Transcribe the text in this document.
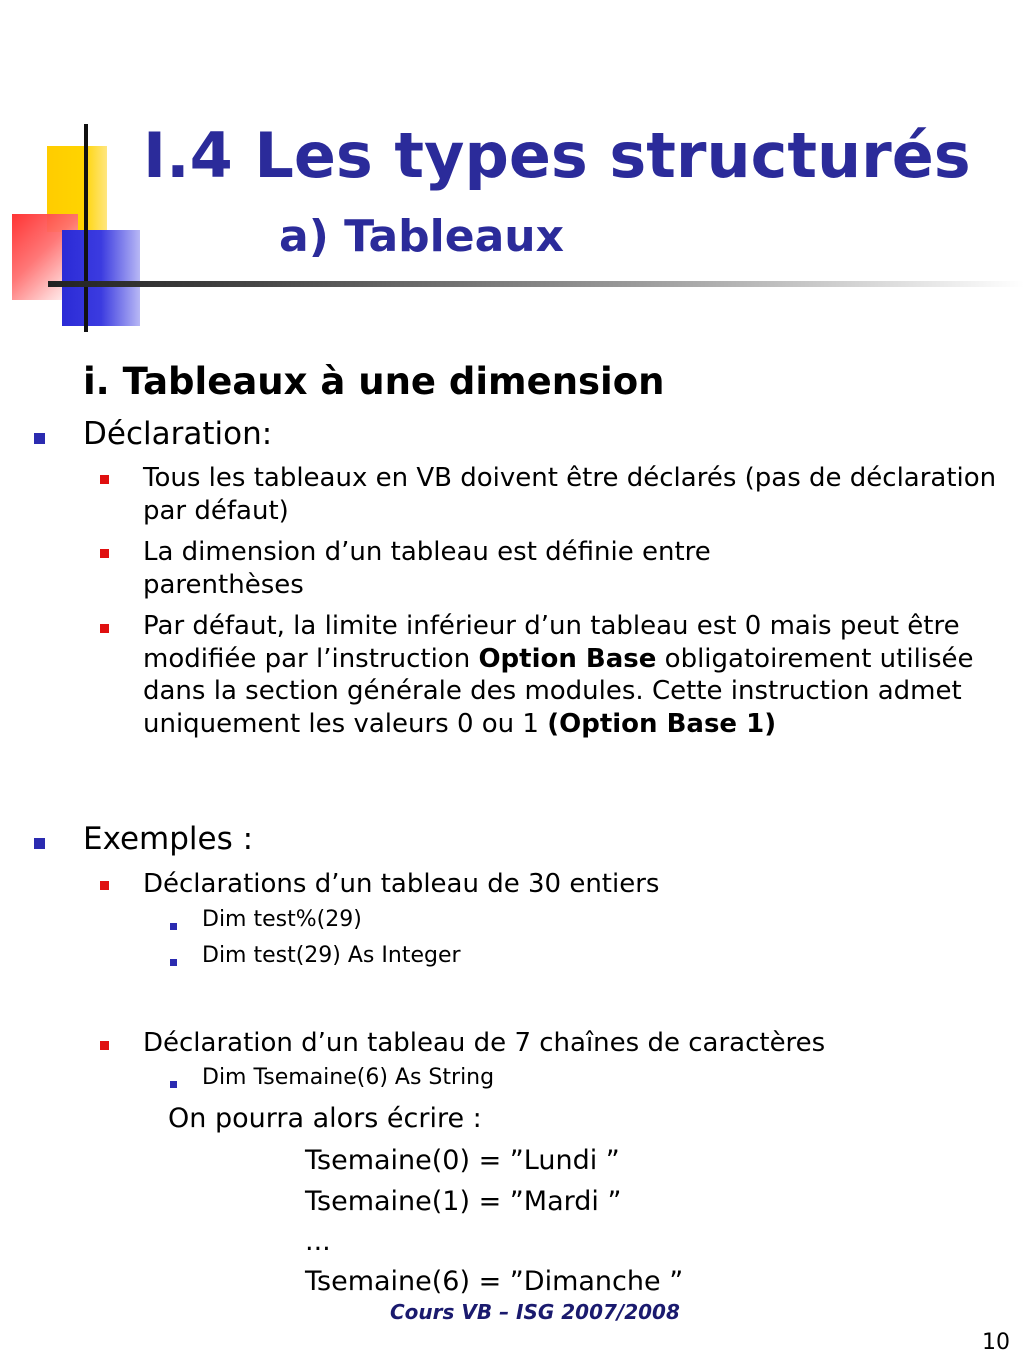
I.4 Les types structurés
a) Tableaux
i. Tableaux à une dimension
Déclaration:
Tous les tableaux en VB doivent être déclarés (pas de déclaration par défaut)
La dimension d’un tableau est définie entre parenthèses
Par défaut, la limite inférieur d’un tableau est 0 mais peut être modifiée par l’instruction Option Base obligatoirement utilisée dans la section générale des modules. Cette instruction admet uniquement les valeurs 0 ou 1 (Option Base 1)
Exemples :
Déclarations d’un tableau de 30 entiers
Dim test%(29)
Dim test(29) As Integer
Déclaration d’un tableau de 7 chaînes de caractères
Dim Tsemaine(6) As String
On pourra alors écrire :
Tsemaine(0) = ”Lundi ”
Tsemaine(1) = ”Mardi ”
...
Tsemaine(6) = ”Dimanche ”
Cours VB – ISG 2007/2008
10
